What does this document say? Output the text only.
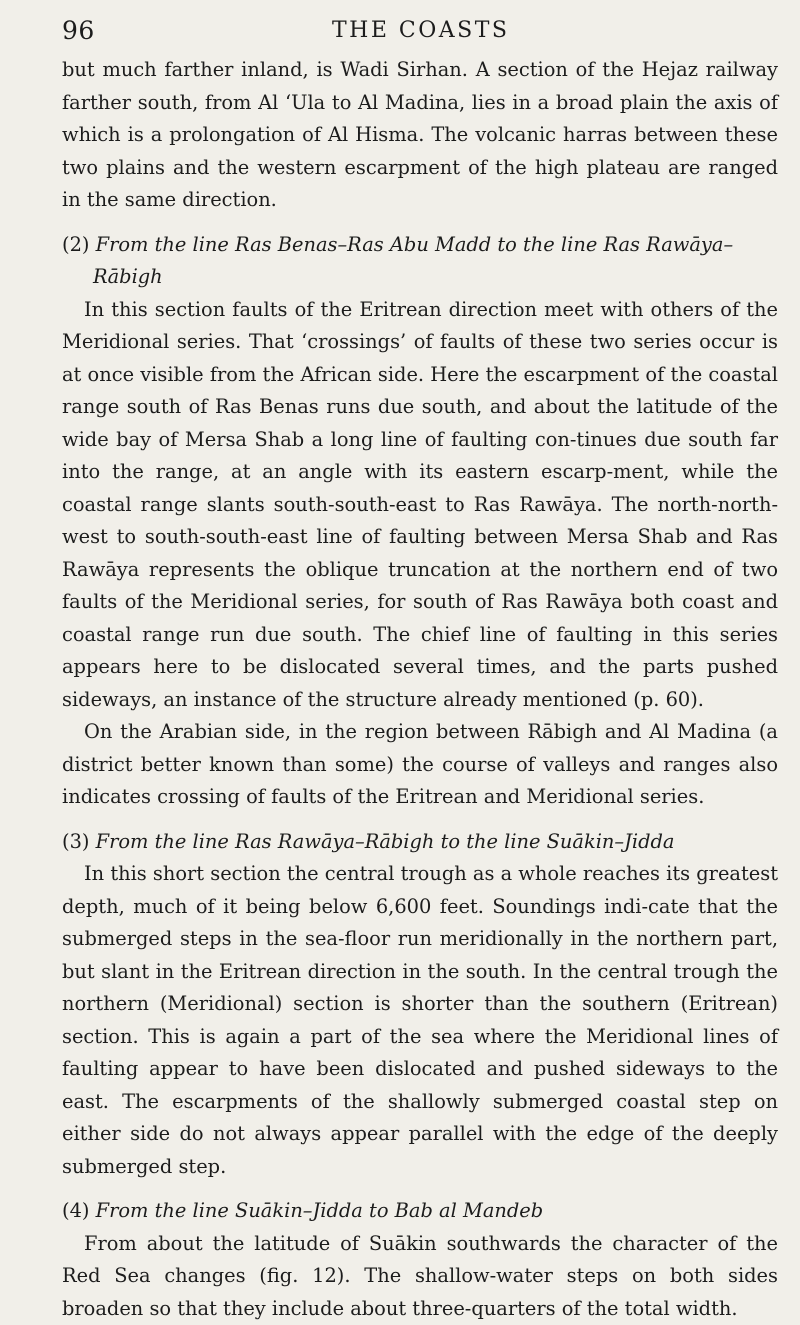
96	THE COASTS

but much farther inland, is Wadi Sirhan. A section of the Hejaz railway farther south, from Al ‘Ula to Al Madina, lies in a broad plain the axis of which is a prolongation of Al Hisma. The volcanic harras between these two plains and the western escarpment of the high plateau are ranged in the same direction.

(2) From the line Ras Benas–Ras Abu Madd to the line Ras Rawāya–Rābigh

In this section faults of the Eritrean direction meet with others of the Meridional series. That ‘crossings’ of faults of these two series occur is at once visible from the African side. Here the escarpment of the coastal range south of Ras Benas runs due south, and about the latitude of the wide bay of Mersa Shab a long line of faulting con-tinues due south far into the range, at an angle with its eastern escarp-ment, while the coastal range slants south-south-east to Ras Rawāya. The north-north-west to south-south-east line of faulting between Mersa Shab and Ras Rawāya represents the oblique truncation at the northern end of two faults of the Meridional series, for south of Ras Rawāya both coast and coastal range run due south. The chief line of faulting in this series appears here to be dislocated several times, and the parts pushed sideways, an instance of the structure already mentioned (p. 60).

On the Arabian side, in the region between Rābigh and Al Madina (a district better known than some) the course of valleys and ranges also indicates crossing of faults of the Eritrean and Meridional series.

(3) From the line Ras Rawāya–Rābigh to the line Suākin–Jidda

In this short section the central trough as a whole reaches its greatest depth, much of it being below 6,600 feet. Soundings indi-cate that the submerged steps in the sea-floor run meridionally in the northern part, but slant in the Eritrean direction in the south. In the central trough the northern (Meridional) section is shorter than the southern (Eritrean) section. This is again a part of the sea where the Meridional lines of faulting appear to have been dislocated and pushed sideways to the east. The escarpments of the shallowly submerged coastal step on either side do not always appear parallel with the edge of the deeply submerged step.

(4) From the line Suākin–Jidda to Bab al Mandeb

From about the latitude of Suākin southwards the character of the Red Sea changes (fig. 12). The shallow-water steps on both sides broaden so that they include about three-quarters of the total width.
